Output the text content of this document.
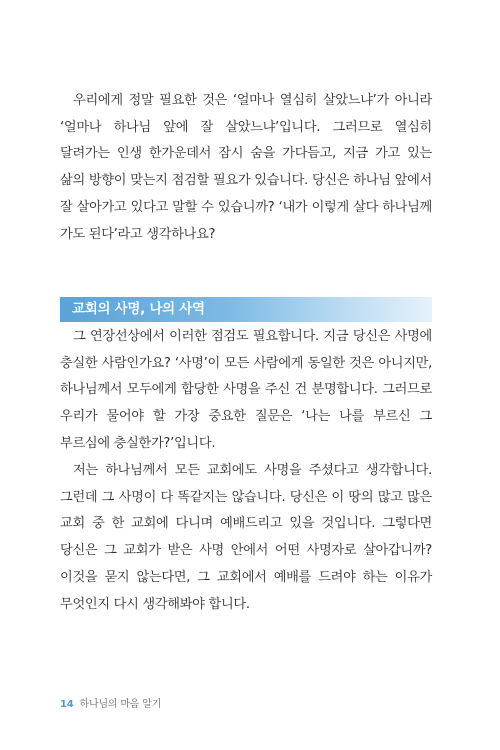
우리에게 정말 필요한 것은 ‘얼마나 열심히 살았느냐’가 아니라 ‘얼마나 하나님 앞에 잘 살았느냐’입니다. 그러므로 열심히 달려가는 인생 한가운데서 잠시 숨을 가다듬고, 지금 가고 있는 삶의 방향이 맞는지 점검할 필요가 있습니다. 당신은 하나님 앞에서 잘 살아가고 있다고 말할 수 있습니까? ‘내가 이렇게 살다 하나님께 가도 된다’라고 생각하나요?

교회의 사명, 나의 사역

그 연장선상에서 이러한 점검도 필요합니다. 지금 당신은 사명에 충실한 사람인가요? ‘사명’이 모든 사람에게 동일한 것은 아니지만, 하나님께서 모두에게 합당한 사명을 주신 건 분명합니다. 그러므로 우리가 물어야 할 가장 중요한 질문은 ‘나는 나를 부르신 그 부르심에 충실한가?’입니다.

저는 하나님께서 모든 교회에도 사명을 주셨다고 생각합니다. 그런데 그 사명이 다 똑같지는 않습니다. 당신은 이 땅의 많고 많은 교회 중 한 교회에 다니며 예배드리고 있을 것입니다. 그렇다면 당신은 그 교회가 받은 사명 안에서 어떤 사명자로 살아갑니까? 이것을 묻지 않는다면, 그 교회에서 예배를 드려야 하는 이유가 무엇인지 다시 생각해봐야 합니다.

14 하나님의 마음 알기
